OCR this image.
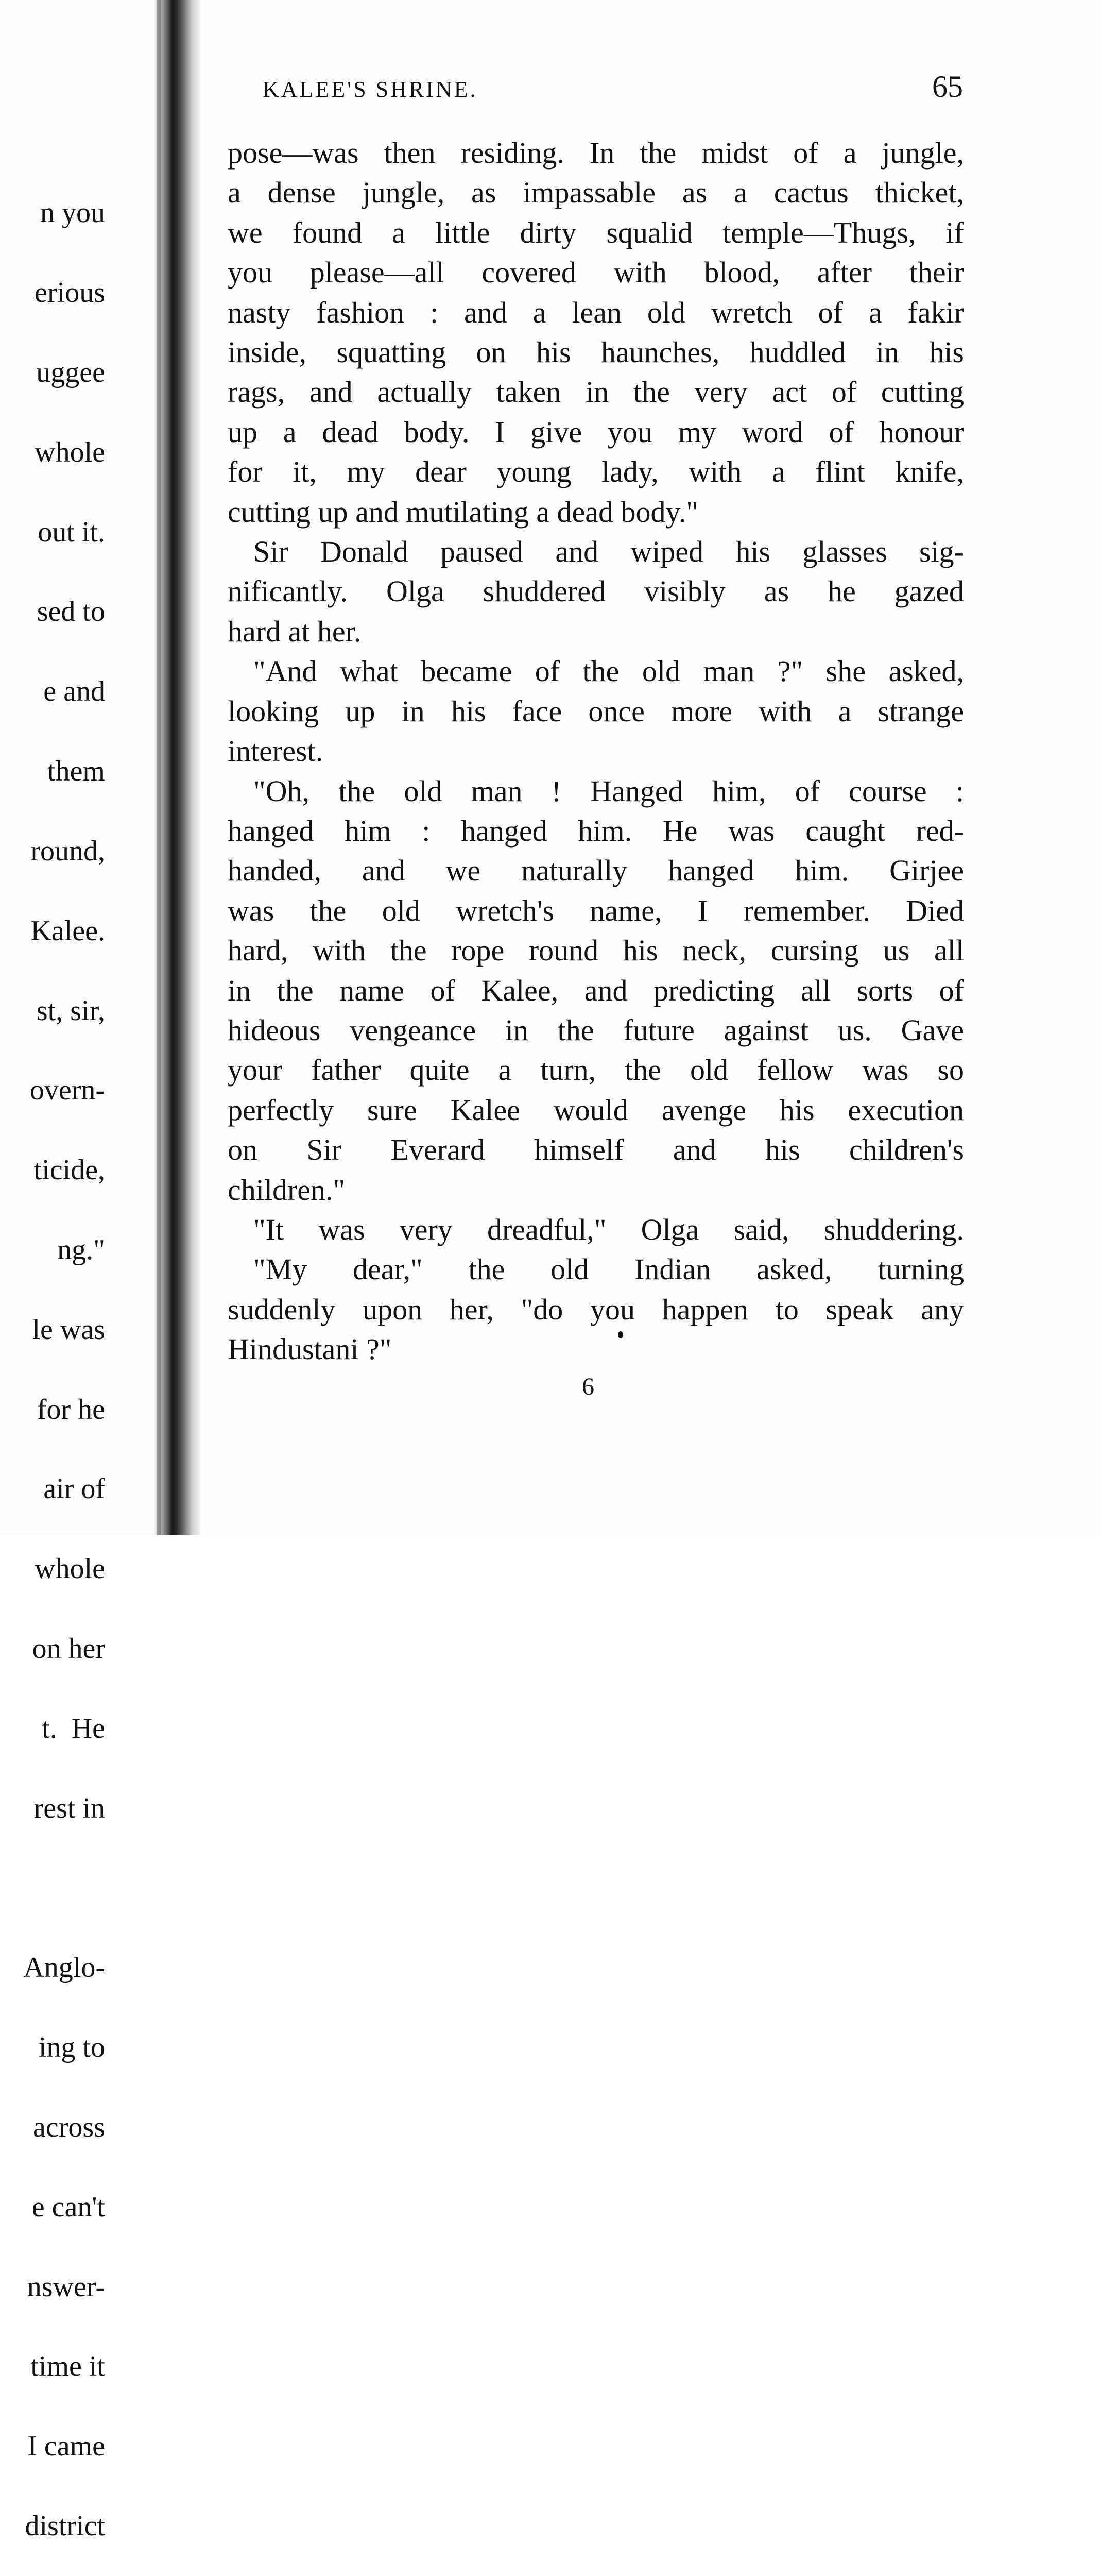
n you

erious

uggee

whole

out it.

sed to

e and

them

round,

Kalee.

st, sir,

overn-

ticide,

ng."

le was

for he

air of

whole

on her

t.  He

rest in

Anglo-

ing to

across

e can't

nswer-

time it

I came

district

KALEE'S SHRINE.	65

pose—was then residing. In the midst of a jungle,
a dense jungle, as impassable as a cactus thicket,
we found a little dirty squalid temple—Thugs, if
you please—all covered with blood, after their
nasty fashion : and a lean old wretch of a fakir
inside, squatting on his haunches, huddled in his
rags, and actually taken in the very act of cutting
up a dead body. I give you my word of honour
for it, my dear young lady, with a flint knife,
cutting up and mutilating a dead body."

Sir Donald paused and wiped his glasses sig-
nificantly. Olga shuddered visibly as he gazed
hard at her.

"And what became of the old man ?" she asked,
looking up in his face once more with a strange
interest.

"Oh, the old man ! Hanged him, of course :
hanged him : hanged him. He was caught red-
handed, and we naturally hanged him. Girjee
was the old wretch's name, I remember. Died
hard, with the rope round his neck, cursing us all
in the name of Kalee, and predicting all sorts of
hideous vengeance in the future against us. Gave
your father quite a turn, the old fellow was so
perfectly sure Kalee would avenge his execution
on Sir Everard himself and his children's
children."

"It was very dreadful," Olga said, shuddering.

"My dear," the old Indian asked, turning
suddenly upon her, "do you happen to speak any
Hindustani ?"

6
